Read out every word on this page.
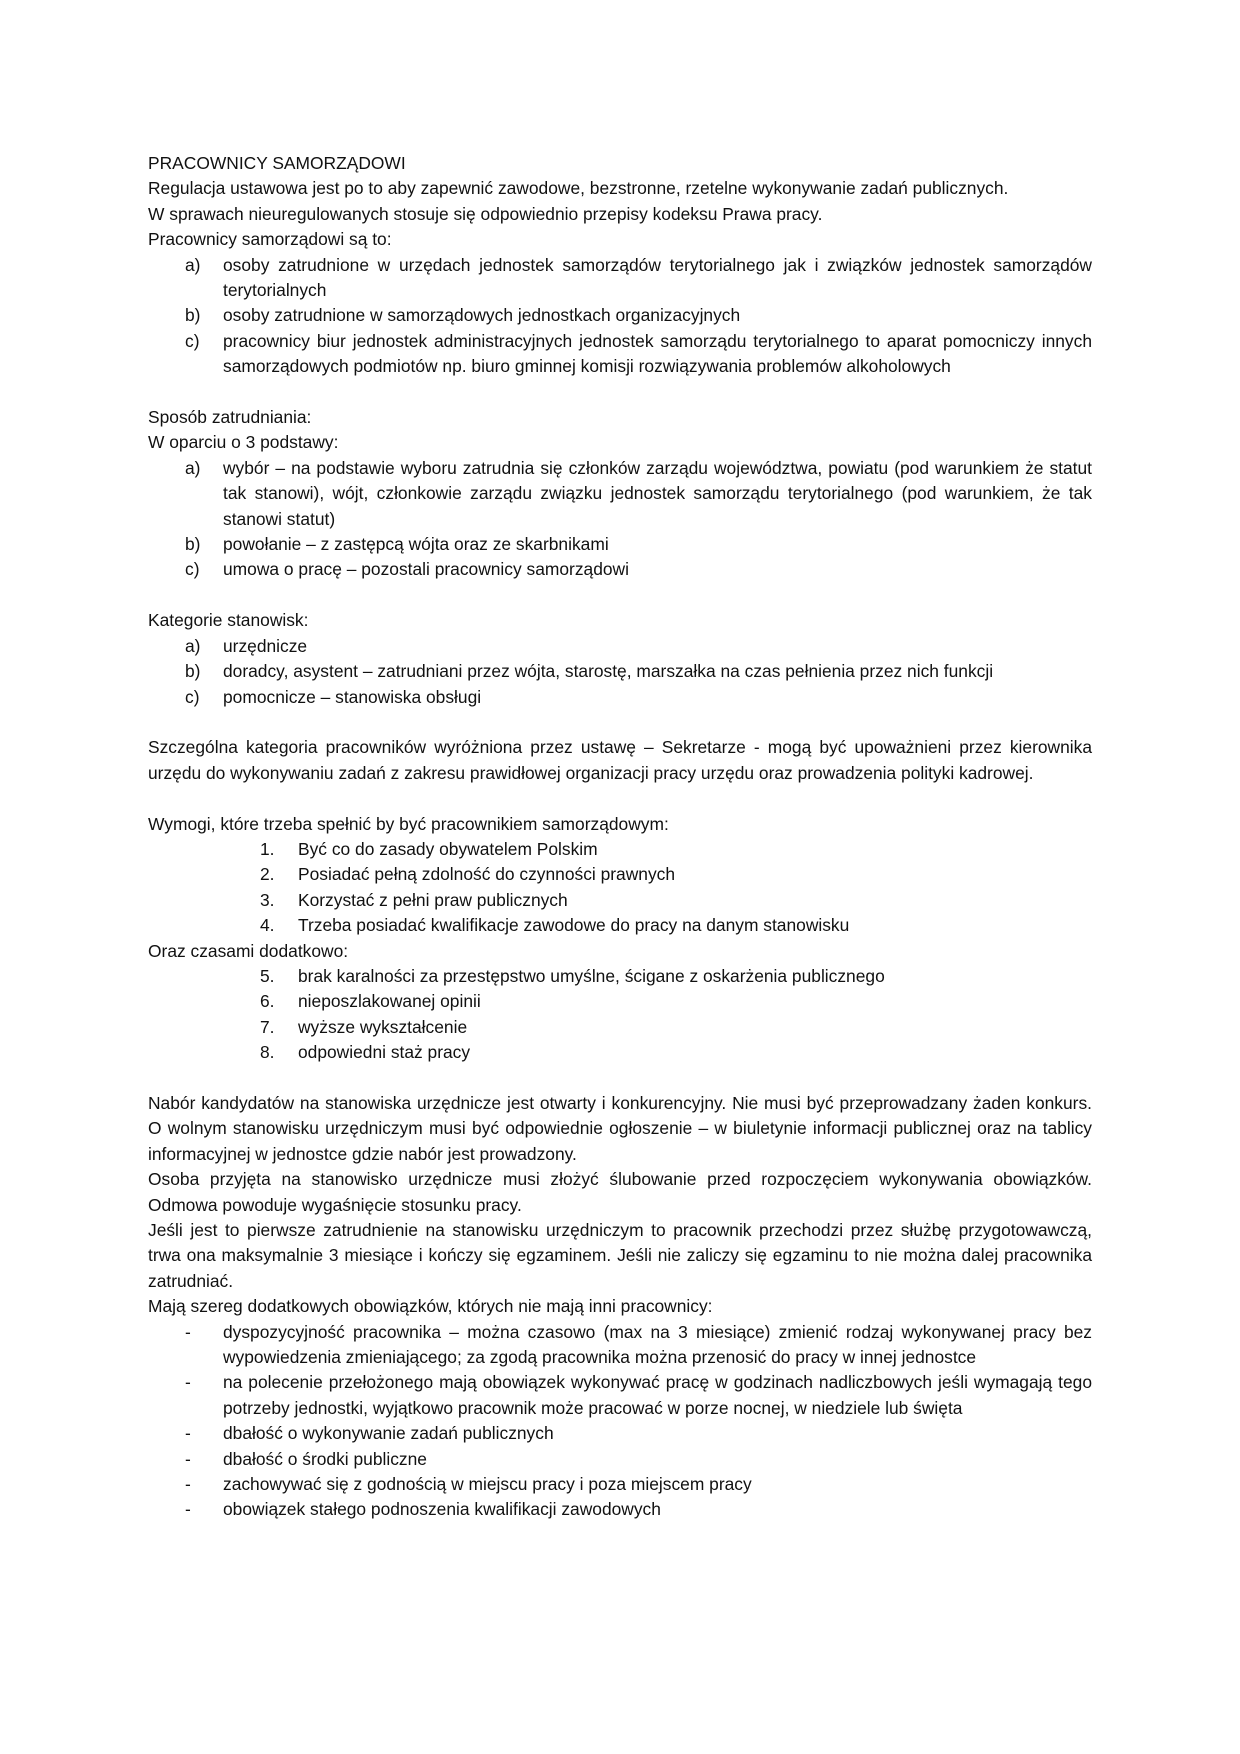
PRACOWNICY SAMORZĄDOWI

Regulacja ustawowa jest po to aby zapewnić zawodowe, bezstronne, rzetelne wykonywanie zadań publicznych.

W sprawach nieuregulowanych stosuje się odpowiednio przepisy kodeksu Prawa pracy.

Pracownicy samorządowi są to:

a) osoby zatrudnione w urzędach jednostek samorządów terytorialnego jak i związków jednostek samorządów terytorialnych
b) osoby zatrudnione w samorządowych jednostkach organizacyjnych
c) pracownicy biur jednostek administracyjnych jednostek samorządu terytorialnego to aparat pomocniczy innych samorządowych podmiotów np. biuro gminnej komisji rozwiązywania problemów alkoholowych

Sposób zatrudniania:

W oparciu o 3 podstawy:

a) wybór – na podstawie wyboru zatrudnia się członków zarządu województwa, powiatu (pod warunkiem że statut tak stanowi), wójt, członkowie zarządu związku jednostek samorządu terytorialnego (pod warunkiem, że tak stanowi statut)
b) powołanie – z zastępcą wójta oraz ze skarbnikami
c) umowa o pracę – pozostali pracownicy samorządowi

Kategorie stanowisk:

a) urzędnicze
b) doradcy, asystent – zatrudniani przez wójta, starostę, marszałka na czas pełnienia przez nich funkcji
c) pomocnicze – stanowiska obsługi

Szczególna kategoria pracowników wyróżniona przez ustawę – Sekretarze - mogą być upoważnieni przez kierownika urzędu do wykonywaniu zadań z zakresu prawidłowej organizacji pracy urzędu oraz prowadzenia polityki kadrowej.

Wymogi, które trzeba spełnić by być pracownikiem samorządowym:

1. Być co do zasady obywatelem Polskim
2. Posiadać pełną zdolność do czynności prawnych
3. Korzystać z pełni praw publicznych
4. Trzeba posiadać kwalifikacje zawodowe do pracy na danym stanowisku

Oraz czasami dodatkowo:

5. brak karalności za przestępstwo umyślne, ścigane z oskarżenia publicznego
6. nieposzlakowanej opinii
7. wyższe wykształcenie
8. odpowiedni staż pracy

Nabór kandydatów na stanowiska urzędnicze jest otwarty i konkurencyjny. Nie musi być przeprowadzany żaden konkurs. O wolnym stanowisku urzędniczym musi być odpowiednie ogłoszenie – w biuletynie informacji publicznej oraz na tablicy informacyjnej w jednostce gdzie nabór jest prowadzony.

Osoba przyjęta na stanowisko urzędnicze musi złożyć ślubowanie przed rozpoczęciem wykonywania obowiązków. Odmowa powoduje wygaśnięcie stosunku pracy.

Jeśli jest to pierwsze zatrudnienie na stanowisku urzędniczym to pracownik przechodzi przez służbę przygotowawczą, trwa ona maksymalnie 3 miesiące i kończy się egzaminem. Jeśli nie zaliczy się egzaminu to nie można dalej pracownika zatrudniać.

Mają szereg dodatkowych obowiązków, których nie mają inni pracownicy:

- dyspozycyjność pracownika – można czasowo (max na 3 miesiące) zmienić rodzaj wykonywanej pracy bez wypowiedzenia zmieniającego; za zgodą pracownika można przenosić do pracy w innej jednostce
- na polecenie przełożonego mają obowiązek wykonywać pracę w godzinach nadliczbowych jeśli wymagają tego potrzeby jednostki, wyjątkowo pracownik może pracować w porze nocnej, w niedziele lub święta
- dbałość o wykonywanie zadań publicznych
- dbałość o środki publiczne
- zachowywać się z godnością w miejscu pracy i poza miejscem pracy
- obowiązek stałego podnoszenia kwalifikacji zawodowych
